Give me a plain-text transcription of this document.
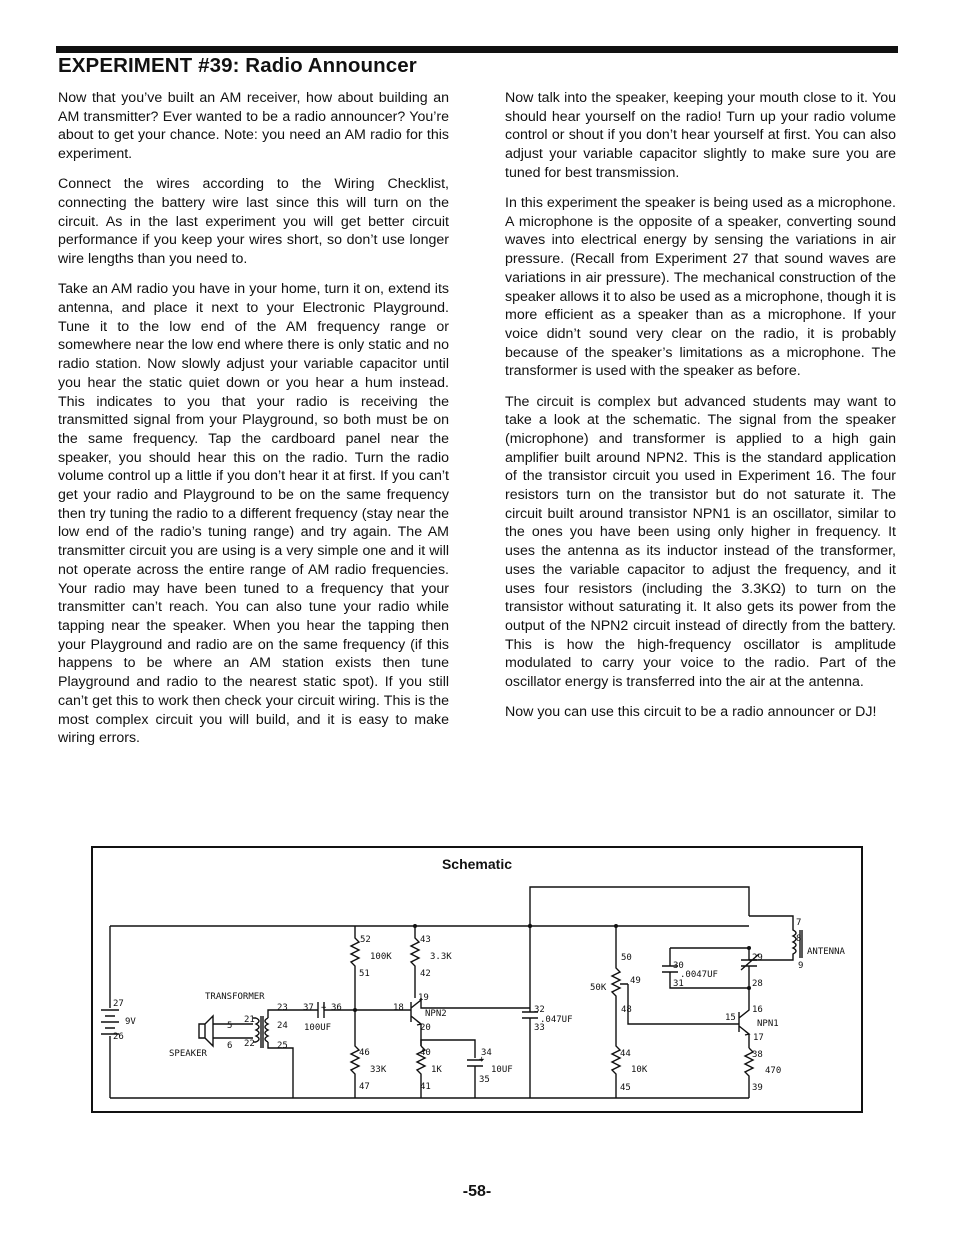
EXPERIMENT #39: Radio Announcer

Now that you’ve built an AM receiver, how about building an AM transmitter? Ever wanted to be a radio announcer? You’re about to get your chance. Note: you need an AM radio for this experiment.

Connect the wires according to the Wiring Checklist, connecting the battery wire last since this will turn on the circuit. As in the last experiment you will get better circuit performance if you keep your wires short, so don’t use longer wire lengths than you need to.

Take an AM radio you have in your home, turn it on, extend its antenna, and place it next to your Electronic Playground. Tune it to the low end of the AM frequency range or somewhere near the low end where there is only static and no radio station. Now slowly adjust your variable capacitor until you hear the static quiet down or you hear a hum instead. This indicates to you that your radio is receiving the transmitted signal from your Playground, so both must be on the same frequency. Tap the cardboard panel near the speaker, you should hear this on the radio. Turn the radio volume control up a little if you don’t hear it at first. If you can’t get your radio and Playground to be on the same frequency then try tuning the radio to a different frequency (stay near the low end of the radio’s tuning range) and try again. The AM transmitter circuit you are using is a very simple one and it will not operate across the entire range of AM radio frequencies. Your radio may have been tuned to a frequency that your transmitter can’t reach. You can also tune your radio while tapping near the speaker. When you hear the tapping then your Playground and radio are on the same frequency (if this happens to be where an AM station exists then tune Playground and radio to the nearest static spot). If you still can’t get this to work then check your circuit wiring. This is the most complex circuit you will build, and it is easy to make wiring errors.

Now talk into the speaker, keeping your mouth close to it. You should hear yourself on the radio! Turn up your radio volume control or shout if you don’t hear yourself at first. You can also adjust your variable capacitor slightly to make sure you are tuned for best transmission.

In this experiment the speaker is being used as a microphone. A microphone is the opposite of a speaker, converting sound waves into electrical energy by sensing the variations in air pressure. (Recall from Experiment 27 that sound waves are variations in air pressure). The mechanical construction of the speaker allows it to also be used as a microphone, though it is more efficient as a speaker than as a microphone. If your voice didn’t sound very clear on the radio, it is probably because of the speaker’s limitations as a microphone. The transformer is used with the speaker as before.

The circuit is complex but advanced students may want to take a look at the schematic. The signal from the speaker (microphone) and transformer is applied to a high gain amplifier built around NPN2. This is the standard application of the transistor circuit you used in Experiment 16. The four resistors turn on the transistor but do not saturate it. The circuit built around transistor NPN1 is an oscillator, similar to the ones you have been using only higher in frequency. It uses the antenna as its inductor instead of the transformer, uses the variable capacitor to adjust the frequency, and it uses four resistors (including the 3.3KΩ) to turn on the transistor without saturating it. It also gets its power from the output of the NPN2 circuit instead of directly from the battery. This is how the high-frequency oscillator is amplitude modulated to carry your voice to the radio. Part of the oscillator energy is transferred into the air at the antenna.

Now you can use this circuit to be a radio announcer or DJ!

Schematic
27
9V
26
TRANSFORMER
SPEAKER
5
6
21
22
23
24
25
37 + 36
100UF
52
100K
51
43
3.3K
42
18
19
20
NPN2
46
33K
47
40
1K
41
34
+
10UF
35
32
.047UF
33
50
49
50K
48
44
10K
45
30
.0047UF
31
29
28
7
8
9
ANTENNA
16
15
17
NPN1
38
470
39
-58-
